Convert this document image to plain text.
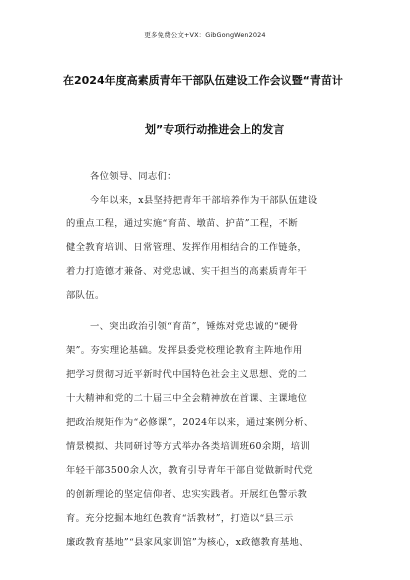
更多免费公文+VX：GibGongWen2024
在2024年度高素质青年干部队伍建设工作会议暨“青苗计
划”专项行动推进会上的发言
各位领导、同志们：
今年以来，x县坚持把青年干部培养作为干部队伍建设
的重点工程，通过实施“育苗、墩苗、护苗”工程，不断
健全教育培训、日常管理、发挥作用相结合的工作链条，
着力打造德才兼备、对党忠诚、实干担当的高素质青年干
部队伍。
一、突出政治引领“育苗”，锤炼对党忠诚的“硬骨
架”。夯实理论基础。发挥县委党校理论教育主阵地作用
把学习贯彻习近平新时代中国特色社会主义思想、党的二
十大精神和党的二十届三中全会精神放在首课、主课地位
把政治规矩作为“必修课”，2024年以来，通过案例分析、
情景模拟、共同研讨等方式举办各类培训班60余期，培训
年轻干部3500余人次，教育引导青年干部自觉做新时代党
的创新理论的坚定信仰者、忠实实践者。开展红色警示教
育。充分挖掘本地红色教育“活教材”，打造以“县三示
廉政教育基地”“县家风家训馆”为核心，x政德教育基地、
